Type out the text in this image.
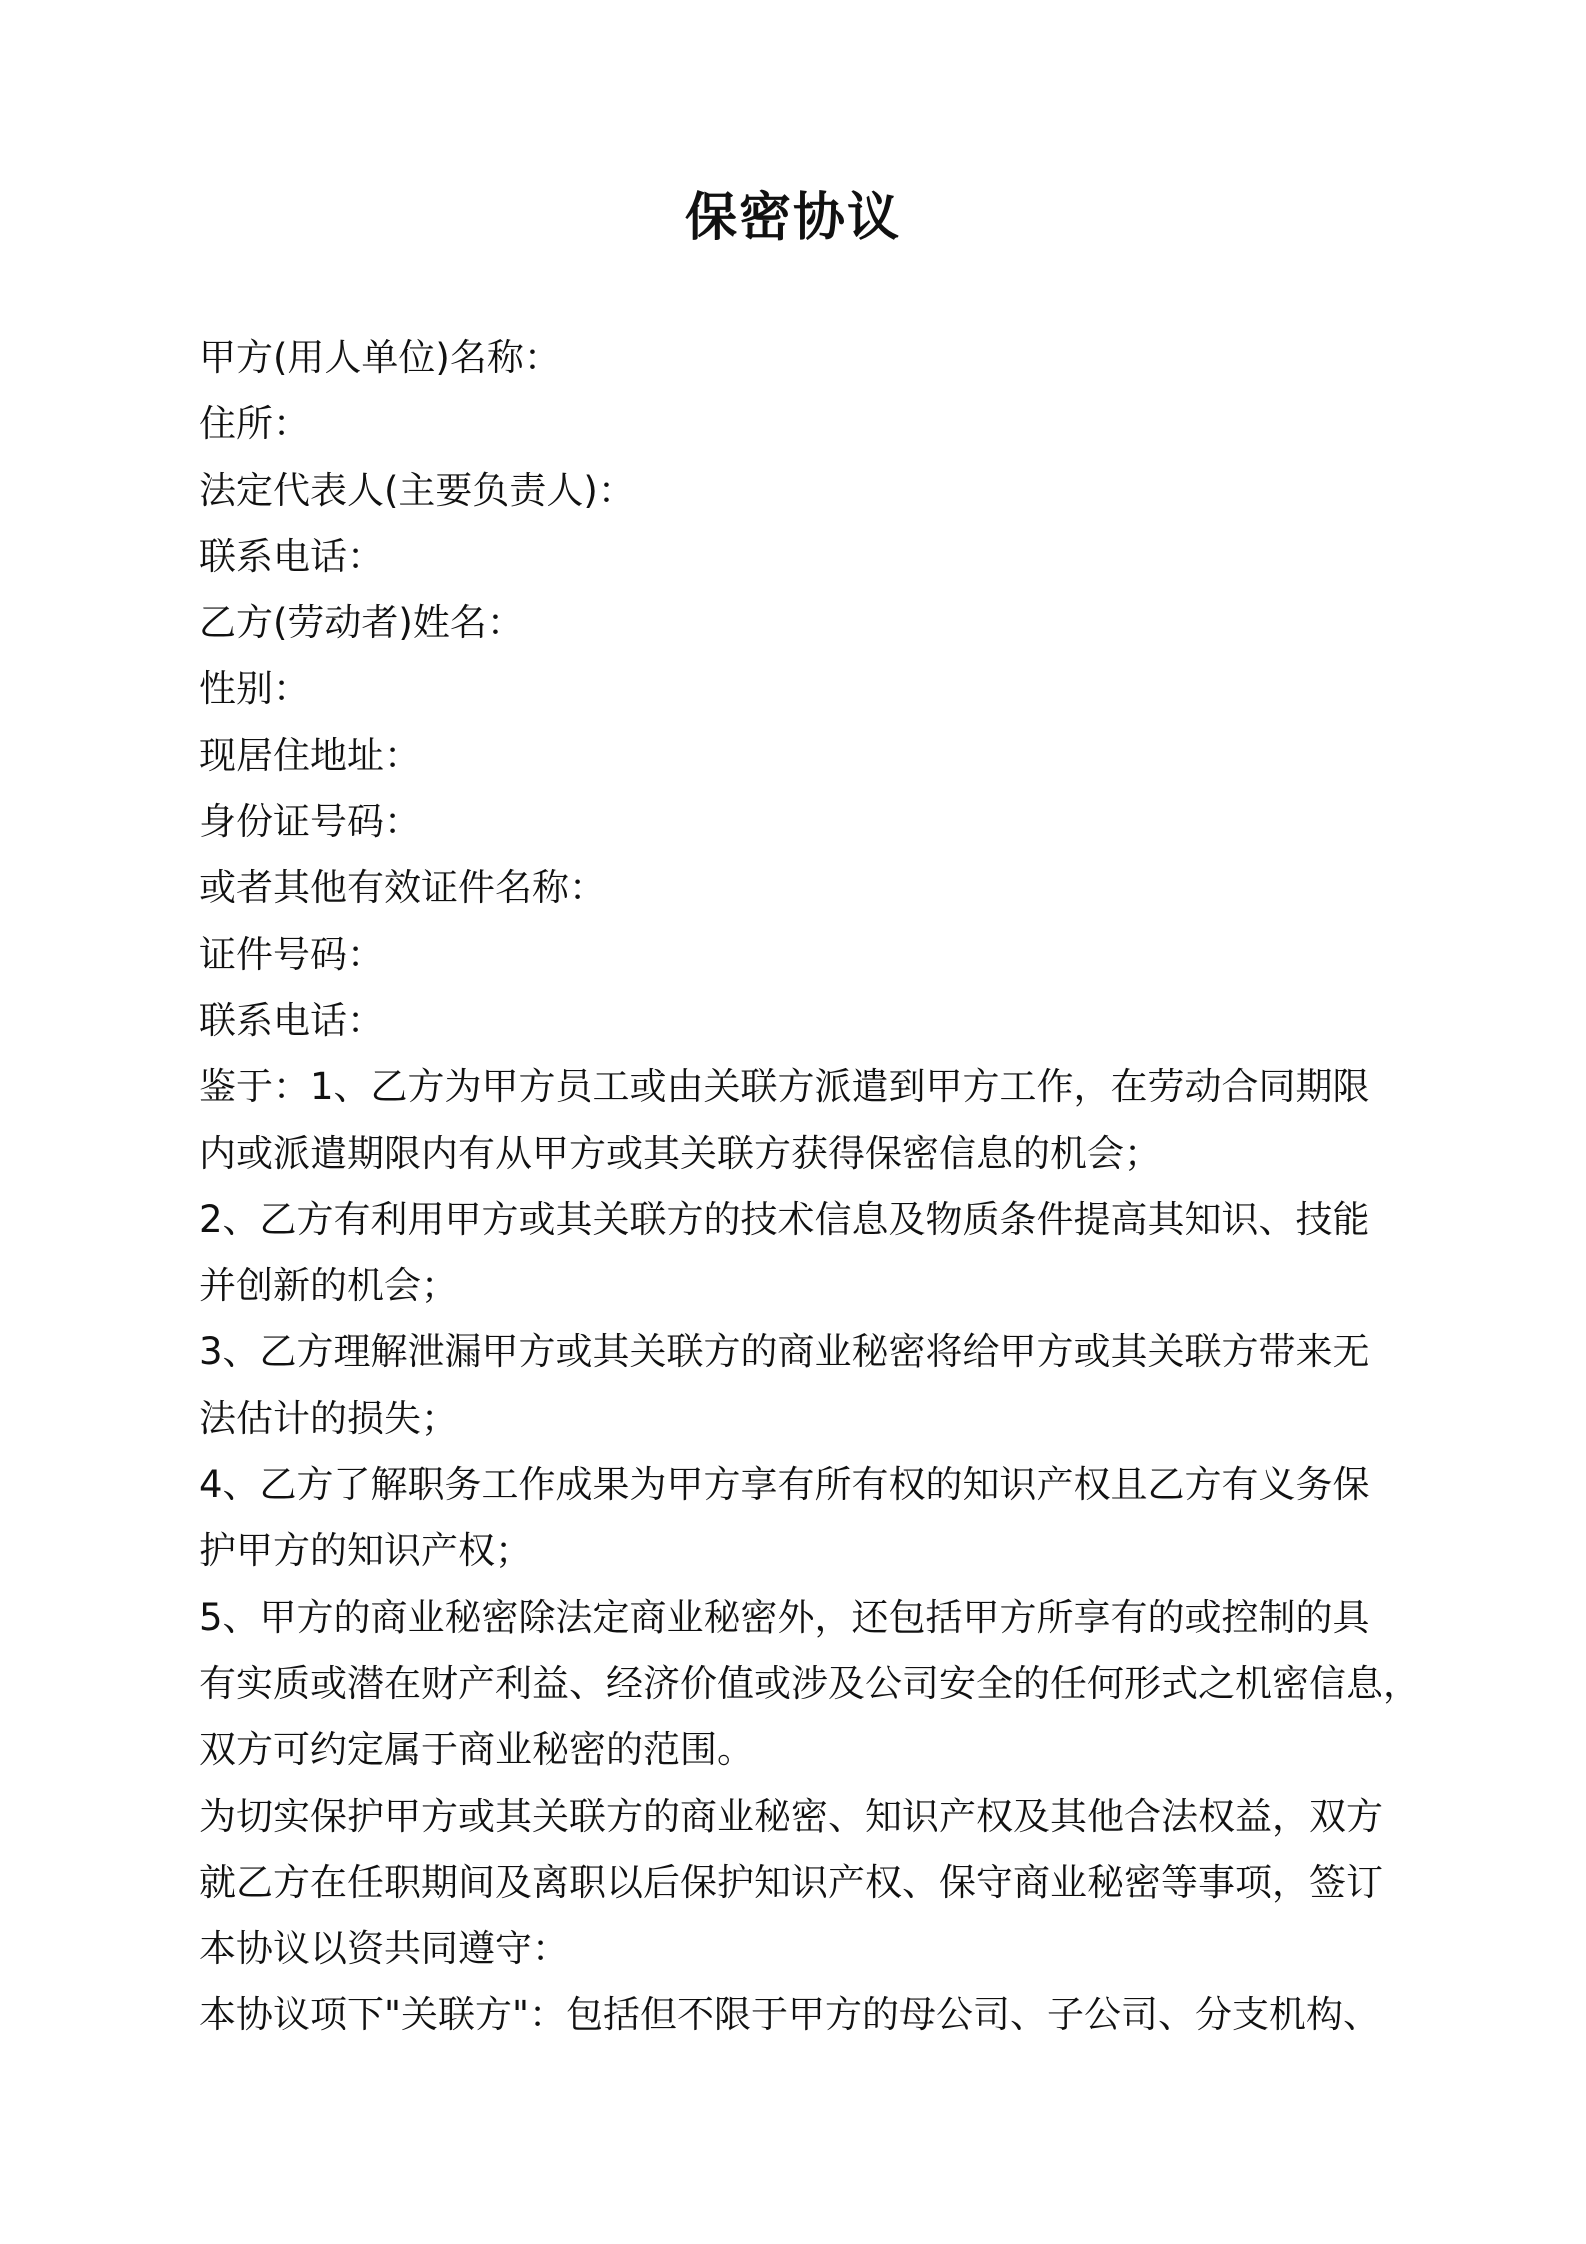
保密协议
甲方(用人单位)名称：
住所：
法定代表人(主要负责人)：
联系电话：
乙方(劳动者)姓名：
性别：
现居住地址：
身份证号码：
或者其他有效证件名称：
证件号码：
联系电话：
鉴于：1、乙方为甲方员工或由关联方派遣到甲方工作，在劳动合同期限
内或派遣期限内有从甲方或其关联方获得保密信息的机会；
2、乙方有利用甲方或其关联方的技术信息及物质条件提高其知识、技能
并创新的机会；
3、乙方理解泄漏甲方或其关联方的商业秘密将给甲方或其关联方带来无
法估计的损失；
4、乙方了解职务工作成果为甲方享有所有权的知识产权且乙方有义务保
护甲方的知识产权；
5、甲方的商业秘密除法定商业秘密外，还包括甲方所享有的或控制的具
有实质或潜在财产利益、经济价值或涉及公司安全的任何形式之机密信息，
双方可约定属于商业秘密的范围。
为切实保护甲方或其关联方的商业秘密、知识产权及其他合法权益，双方
就乙方在任职期间及离职以后保护知识产权、保守商业秘密等事项，签订
本协议以资共同遵守：
本协议项下"关联方"：包括但不限于甲方的母公司、子公司、分支机构、
